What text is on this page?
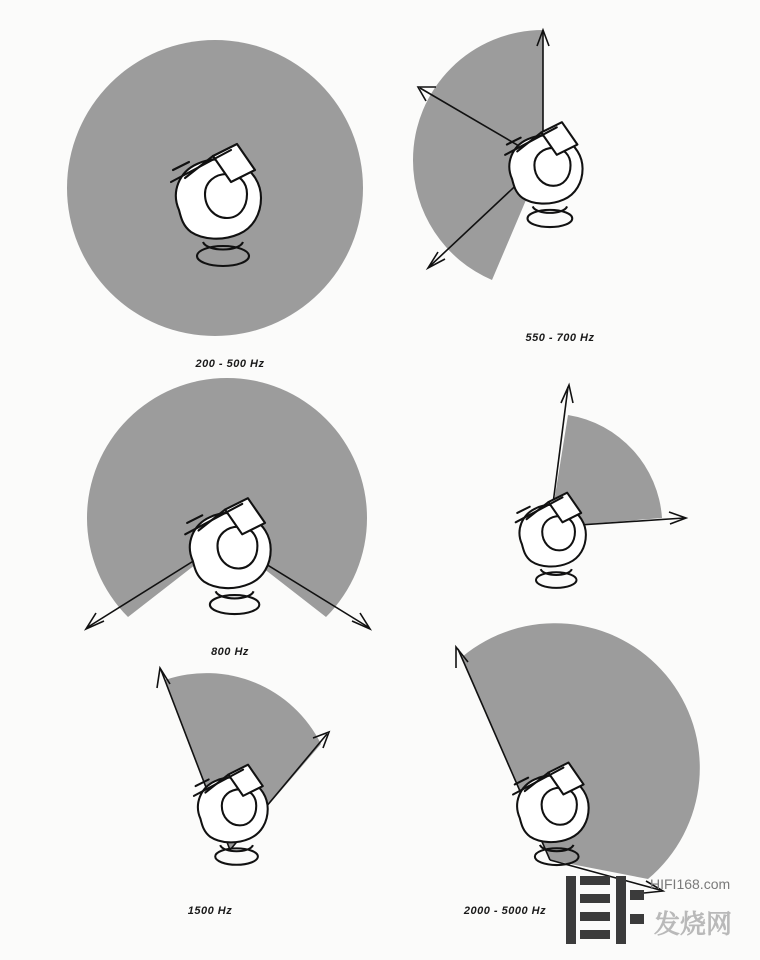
200 - 500 Hz
550 - 700 Hz
800 Hz
1500 Hz	2000 - 5000 Hz
HIFI168.com
发烧网
